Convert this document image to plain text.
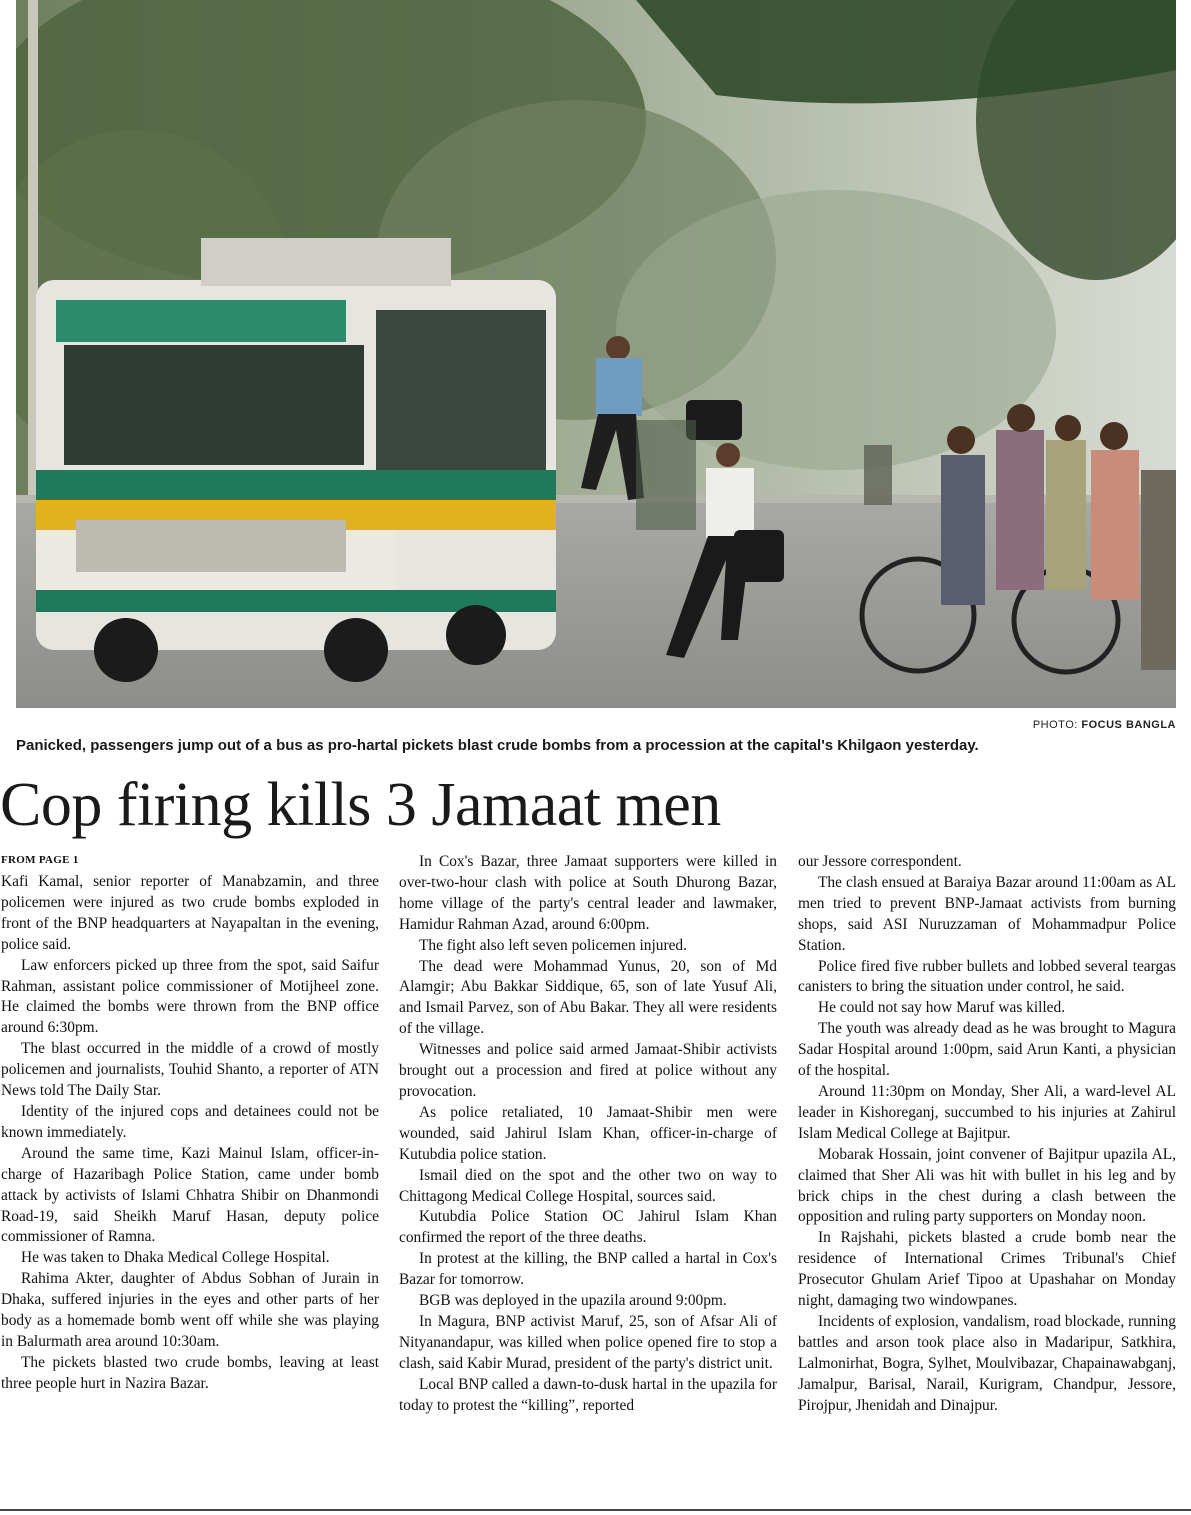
PHOTO: FOCUS BANGLA
Panicked, passengers jump out of a bus as pro-hartal pickets blast crude bombs from a procession at the capital's Khilgaon yesterday.
Cop firing kills 3 Jamaat men
FROM PAGE 1

Kafi Kamal, senior reporter of Manabzamin, and three policemen were injured as two crude bombs exploded in front of the BNP headquarters at Nayapaltan in the evening, police said.

Law enforcers picked up three from the spot, said Saifur Rahman, assistant police commissioner of Motijheel zone. He claimed the bombs were thrown from the BNP office around 6:30pm.

The blast occurred in the middle of a crowd of mostly policemen and journalists, Touhid Shanto, a reporter of ATN News told The Daily Star.

Identity of the injured cops and detainees could not be known immediately.

Around the same time, Kazi Mainul Islam, officer-in-charge of Hazaribagh Police Station, came under bomb attack by activists of Islami Chhatra Shibir on Dhanmondi Road-19, said Sheikh Maruf Hasan, deputy police commissioner of Ramna.

He was taken to Dhaka Medical College Hospital.

Rahima Akter, daughter of Abdus Sobhan of Jurain in Dhaka, suffered injuries in the eyes and other parts of her body as a homemade bomb went off while she was playing in Balurmath area around 10:30am.

The pickets blasted two crude bombs, leaving at least three people hurt in Nazira Bazar.

In Cox's Bazar, three Jamaat supporters were killed in over-two-hour clash with police at South Dhurong Bazar, home village of the party's central leader and lawmaker, Hamidur Rahman Azad, around 6:00pm.

The fight also left seven policemen injured.

The dead were Mohammad Yunus, 20, son of Md Alamgir; Abu Bakkar Siddique, 65, son of late Yusuf Ali, and Ismail Parvez, son of Abu Bakar. They all were residents of the village.

Witnesses and police said armed Jamaat-Shibir activists brought out a procession and fired at police without any provocation.

As police retaliated, 10 Jamaat-Shibir men were wounded, said Jahirul Islam Khan, officer-in-charge of Kutubdia police station.

Ismail died on the spot and the other two on way to Chittagong Medical College Hospital, sources said.

Kutubdia Police Station OC Jahirul Islam Khan confirmed the report of the three deaths.

In protest at the killing, the BNP called a hartal in Cox's Bazar for tomorrow.

BGB was deployed in the upazila around 9:00pm.

In Magura, BNP activist Maruf, 25, son of Afsar Ali of Nityanandapur, was killed when police opened fire to stop a clash, said Kabir Murad, president of the party's district unit.

Local BNP called a dawn-to-dusk hartal in the upazila for today to protest the “killing”, reported

our Jessore correspondent.

The clash ensued at Baraiya Bazar around 11:00am as AL men tried to prevent BNP-Jamaat activists from burning shops, said ASI Nuruzzaman of Mohammadpur Police Station.

Police fired five rubber bullets and lobbed several teargas canisters to bring the situation under control, he said.

He could not say how Maruf was killed.

The youth was already dead as he was brought to Magura Sadar Hospital around 1:00pm, said Arun Kanti, a physician of the hospital.

Around 11:30pm on Monday, Sher Ali, a ward-level AL leader in Kishoreganj, succumbed to his injuries at Zahirul Islam Medical College at Bajitpur.

Mobarak Hossain, joint convener of Bajitpur upazila AL, claimed that Sher Ali was hit with bullet in his leg and by brick chips in the chest during a clash between the opposition and ruling party supporters on Monday noon.

In Rajshahi, pickets blasted a crude bomb near the residence of International Crimes Tribunal's Chief Prosecutor Ghulam Arief Tipoo at Upashahar on Monday night, damaging two windowpanes.

Incidents of explosion, vandalism, road blockade, running battles and arson took place also in Madaripur, Satkhira, Lalmonirhat, Bogra, Sylhet, Moulvibazar, Chapainawabganj, Jamalpur, Barisal, Narail, Kurigram, Chandpur, Jessore, Pirojpur, Jhenidah and Dinajpur.
